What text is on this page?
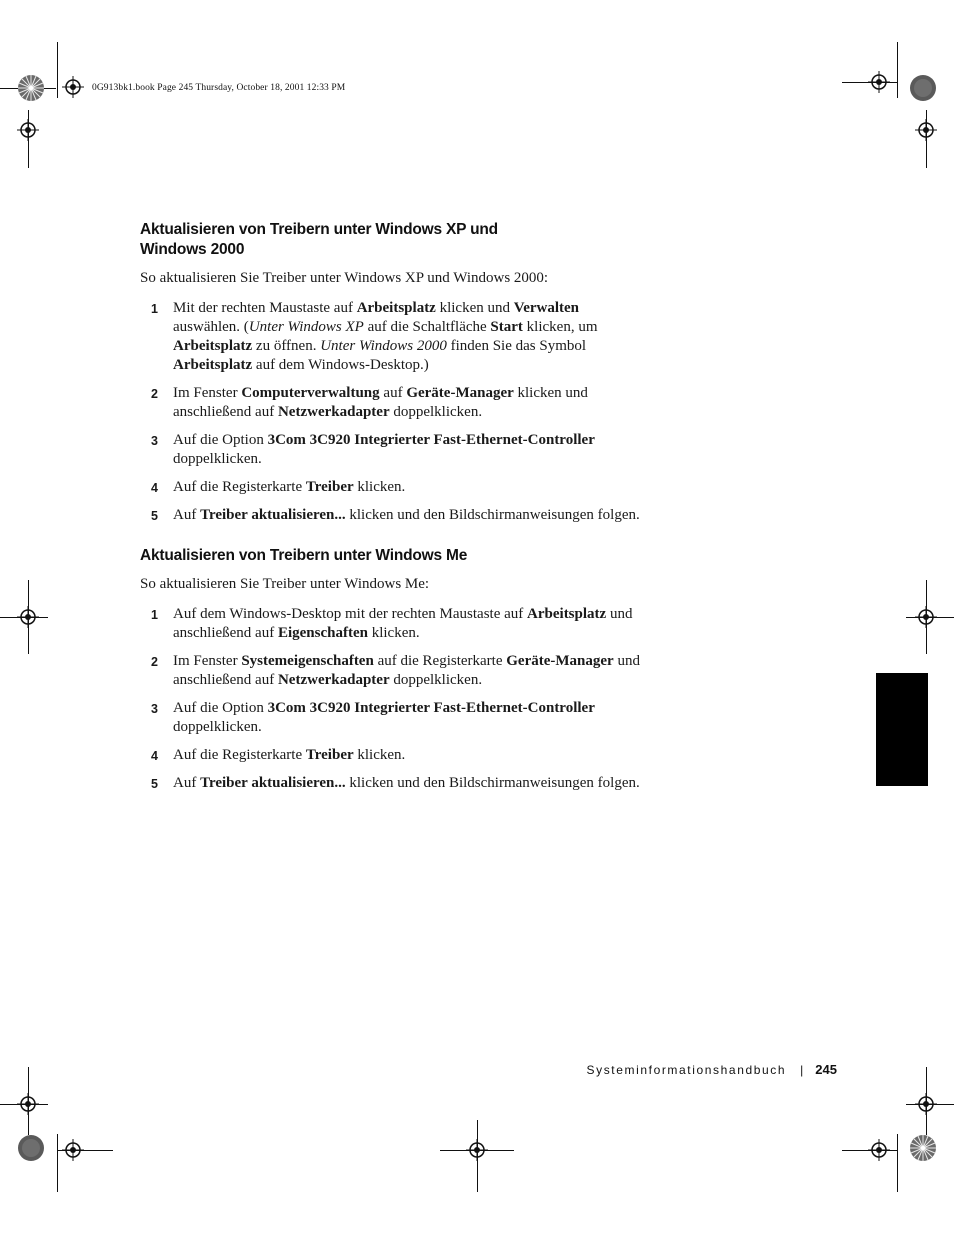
0G913bk1.book Page 245 Thursday, October 18, 2001 12:33 PM
Aktualisieren von Treibern unter Windows XP und
Windows 2000

So aktualisieren Sie Treiber unter Windows XP und Windows 2000:

1 Mit der rechten Maustaste auf Arbeitsplatz klicken und Verwalten auswählen. (Unter Windows XP auf die Schaltfläche Start klicken, um Arbeitsplatz zu öffnen. Unter Windows 2000 finden Sie das Symbol Arbeitsplatz auf dem Windows-Desktop.)
2 Im Fenster Computerverwaltung auf Geräte-Manager klicken und anschließend auf Netzwerkadapter doppelklicken.
3 Auf die Option 3Com 3C920 Integrierter Fast-Ethernet-Controller
doppelklicken.
4 Auf die Registerkarte Treiber klicken.
5 Auf Treiber aktualisieren... klicken und den Bildschirmanweisungen folgen.
Aktualisieren von Treibern unter Windows Me

So aktualisieren Sie Treiber unter Windows Me:

1 Auf dem Windows-Desktop mit der rechten Maustaste auf Arbeitsplatz und anschließend auf Eigenschaften klicken.
2 Im Fenster Systemeigenschaften auf die Registerkarte Geräte-Manager und anschließend auf Netzwerkadapter doppelklicken.
3 Auf die Option 3Com 3C920 Integrierter Fast-Ethernet-Controller
doppelklicken.
4 Auf die Registerkarte Treiber klicken.
5 Auf Treiber aktualisieren... klicken und den Bildschirmanweisungen folgen.
Systeminformationshandbuch | 245
